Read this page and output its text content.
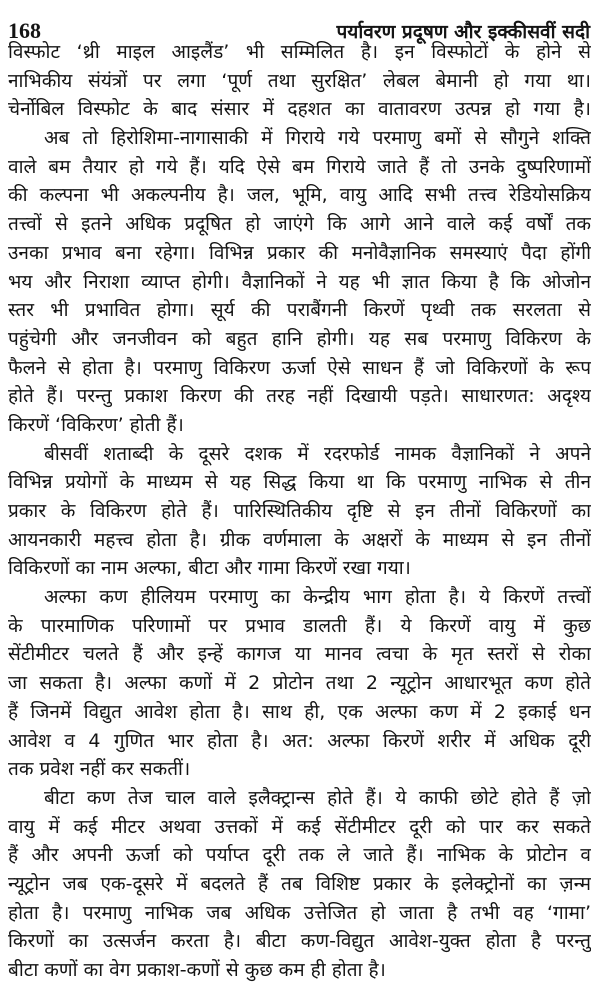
168	पर्यावरण प्रदूषण और इक्कीसवीं सदी
विस्फोट ‘थ्री माइल आइलैंड’ भी सम्मिलित है। इन विस्फोटों के होने से
नाभिकीय संयंत्रों पर लगा ‘पूर्ण तथा सुरक्षित’ लेबल बेमानी हो गया था।
चेर्नोबिल विस्फोट के बाद संसार में दहशत का वातावरण उत्पन्न हो गया है।
अब तो हिरोशिमा-नागासाकी में गिराये गये परमाणु बमों से सौगुने शक्ति
वाले बम तैयार हो गये हैं। यदि ऐसे बम गिराये जाते हैं तो उनके दुष्परिणामों
की कल्पना भी अकल्पनीय है। जल, भूमि, वायु आदि सभी तत्त्व रेडियोसक्रिय
तत्त्वों से इतने अधिक प्रदूषित हो जाएंगे कि आगे आने वाले कई वर्षों तक
उनका प्रभाव बना रहेगा। विभिन्न प्रकार की मनोवैज्ञानिक समस्याएं पैदा होंगी
भय और निराशा व्याप्त होगी। वैज्ञानिकों ने यह भी ज्ञात किया है कि ओजोन
स्तर भी प्रभावित होगा। सूर्य की पराबैंगनी किरणें पृथ्वी तक सरलता से
पहुंचेगी और जनजीवन को बहुत हानि होगी। यह सब परमाणु विकिरण के
फैलने से होता है। परमाणु विकिरण ऊर्जा ऐसे साधन हैं जो विकिरणों के रूप
होते हैं। परन्तु प्रकाश किरण की तरह नहीं दिखायी पड़ते। साधारणत: अदृश्य
किरणें ‘विकिरण’ होती हैं।
बीसवीं शताब्दी के दूसरे दशक में रदरफोर्ड नामक वैज्ञानिकों ने अपने
विभिन्न प्रयोगों के माध्यम से यह सिद्ध किया था कि परमाणु नाभिक से तीन
प्रकार के विकिरण होते हैं। पारिस्थितिकीय दृष्टि से इन तीनों विकिरणों का
आयनकारी महत्त्व होता है। ग्रीक वर्णमाला के अक्षरों के माध्यम से इन तीनों
विकिरणों का नाम अल्फा, बीटा और गामा किरणें रखा गया।
अल्फा कण हीलियम परमाणु का केन्द्रीय भाग होता है। ये किरणें तत्त्वों
के पारमाणिक परिणामों पर प्रभाव डालती हैं। ये किरणें वायु में कुछ
सेंटीमीटर चलते हैं और इन्हें कागज या मानव त्वचा के मृत स्तरों से रोका
जा सकता है। अल्फा कणों में 2 प्रोटोन तथा 2 न्यूट्रोन आधारभूत कण होते
हैं जिनमें विद्युत आवेश होता है। साथ ही, एक अल्फा कण में 2 इकाई धन
आवेश व 4 गुणित भार होता है। अत: अल्फा किरणें शरीर में अधिक दूरी
तक प्रवेश नहीं कर सकतीं।
बीटा कण तेज चाल वाले इलैक्ट्रान्स होते हैं। ये काफी छोटे होते हैं ज़ो
वायु में कई मीटर अथवा उत्तकों में कई सेंटीमीटर दूरी को पार कर सकते
हैं और अपनी ऊर्जा को पर्याप्त दूरी तक ले जाते हैं। नाभिक के प्रोटोन व
न्यूट्रोन जब एक-दूसरे में बदलते हैं तब विशिष्ट प्रकार के इलेक्ट्रोनों का ज़न्म
होता है। परमाणु नाभिक जब अधिक उत्तेजित हो जाता है तभी वह ‘गामा’
किरणों का उत्सर्जन करता है। बीटा कण-विद्युत आवेश-युक्त होता है परन्तु
बीटा कणों का वेग प्रकाश-कणों से कुछ कम ही होता है।
